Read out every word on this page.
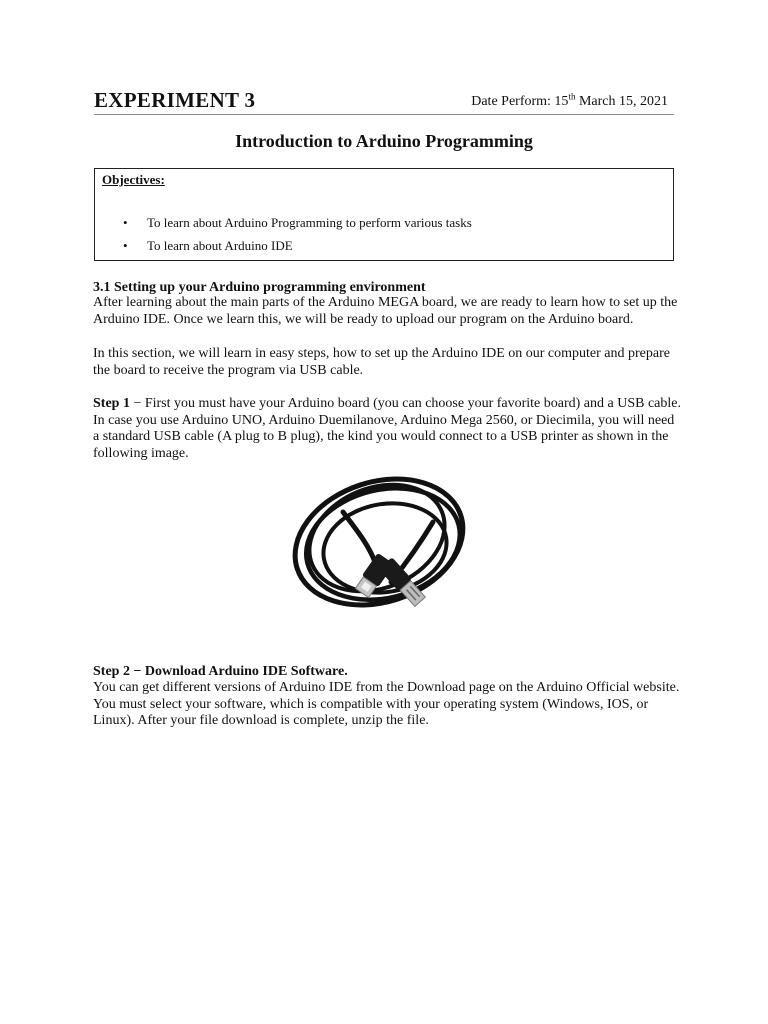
EXPERIMENT 3	Date Perform: 15th March 15, 2021
Introduction to Arduino Programming
Objectives:
• To learn about Arduino Programming to perform various tasks
• To learn about Arduino IDE
3.1 Setting up your Arduino programming environment
After learning about the main parts of the Arduino MEGA board, we are ready to learn how to set up the Arduino IDE. Once we learn this, we will be ready to upload our program on the Arduino board.
In this section, we will learn in easy steps, how to set up the Arduino IDE on our computer and prepare the board to receive the program via USB cable.
Step 1 − First you must have your Arduino board (you can choose your favorite board) and a USB cable. In case you use Arduino UNO, Arduino Duemilanove, Arduino Mega 2560, or Diecimila, you will need a standard USB cable (A plug to B plug), the kind you would connect to a USB printer as shown in the following image.
Step 2 − Download Arduino IDE Software.
You can get different versions of Arduino IDE from the Download page on the Arduino Official website. You must select your software, which is compatible with your operating system (Windows, IOS, or Linux). After your file download is complete, unzip the file.
